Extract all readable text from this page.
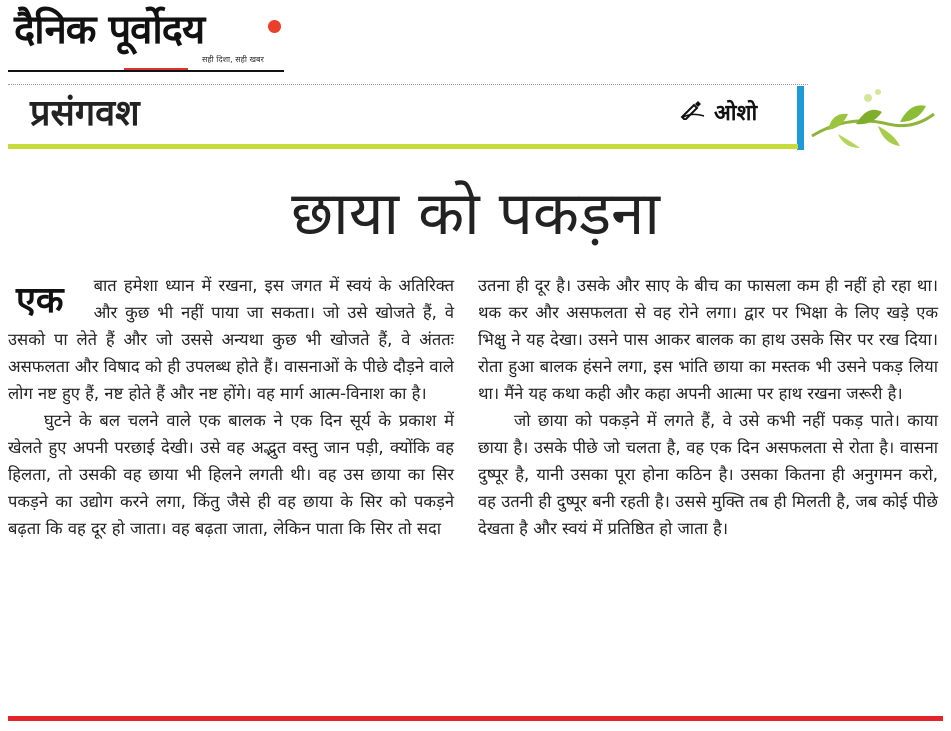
दैनिक पूर्वोदय
सही दिशा, सही खबर
प्रसंगवश	ओशो
छाया को पकड़ना

एक बात हमेशा ध्यान में रखना, इस जगत में स्वयं के अतिरिक्त और कुछ भी नहीं पाया जा सकता। जो उसे खोजते हैं, वे उसको पा लेते हैं और जो उससे अन्यथा कुछ भी खोजते हैं, वे अंततः असफलता और विषाद को ही उपलब्ध होते हैं। वासनाओं के पीछे दौड़ने वाले लोग नष्ट हुए हैं, नष्ट होते हैं और नष्ट होंगे। वह मार्ग आत्म-विनाश का है।

घुटने के बल चलने वाले एक बालक ने एक दिन सूर्य के प्रकाश में खेलते हुए अपनी परछाई देखी। उसे वह अद्भुत वस्तु जान पड़ी, क्योंकि वह हिलता, तो उसकी वह छाया भी हिलने लगती थी। वह उस छाया का सिर पकड़ने का उद्योग करने लगा, किंतु जैसे ही वह छाया के सिर को पकड़ने बढ़ता कि वह दूर हो जाता। वह बढ़ता जाता, लेकिन पाता कि सिर तो सदा

उतना ही दूर है। उसके और साए के बीच का फासला कम ही नहीं हो रहा था। थक कर और असफलता से वह रोने लगा। द्वार पर भिक्षा के लिए खड़े एक भिक्षु ने यह देखा। उसने पास आकर बालक का हाथ उसके सिर पर रख दिया। रोता हुआ बालक हंसने लगा, इस भांति छाया का मस्तक भी उसने पकड़ लिया था। मैंने यह कथा कही और कहा अपनी आत्मा पर हाथ रखना जरूरी है।

जो छाया को पकड़ने में लगते हैं, वे उसे कभी नहीं पकड़ पाते। काया छाया है। उसके पीछे जो चलता है, वह एक दिन असफलता से रोता है। वासना दुष्पूर है, यानी उसका पूरा होना कठिन है। उसका कितना ही अनुगमन करो, वह उतनी ही दुष्पूर बनी रहती है। उससे मुक्ति तब ही मिलती है, जब कोई पीछे देखता है और स्वयं में प्रतिष्ठित हो जाता है।
